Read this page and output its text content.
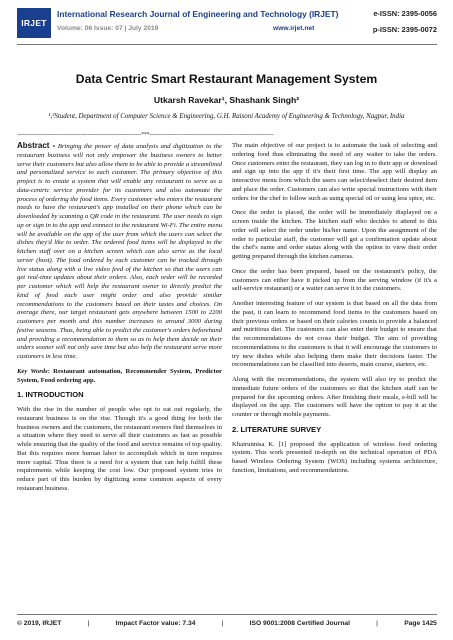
IRJET
International Research Journal of Engineering and Technology (IRJET)
Volume: 06 Issue: 07 | July 2019	www.irjet.net
e-ISSN: 2395-0056
p-ISSN: 2395-0072
Data Centric Smart Restaurant Management System
Utkarsh Ravekar¹, Shashank Singh²
¹,²Student, Department of Computer Science & Engineering, G.H. Raisoni Academy of Engineering & Technology, Nagpur, India
---------------------------------------------------------------------***---------------------------------------------------------------------

Abstract - Bringing the power of data analysis and digitization to the restaurant business will not only empower the business owners to better serve their customers but also allow them to be able to provide a streamlined and personalized service to each customer. The primary objective of this project is to create a system that will enable any restaurant to serve as a data-centric service provider for its customers and also automate the process of ordering the food items. Every customer who enters the restaurant needs to have the restaurant's app installed on their phone which can be downloaded by scanning a QR code in the restaurant. The user needs to sign up or sign in to the app and connect to the restaurant Wi-Fi. The entire menu will be available on the app of the user from which the users can select the dishes they'd like to order. The ordered food items will be displayed to the kitchen staff over on a kitchen screen which can also serve as the local server (host). The food ordered by each customer can be tracked through live status along with a live video feed of the kitchen so that the users can get real-time updates about their orders. Also, each order will be recorded per customer which will help the restaurant owner to directly predict the kind of food each user might order and also provide similar recommendations to the customers based on their tastes and choices. On average there, our target restaurant gets anywhere between 1500 to 2200 customers per month and this number increases to around 3000 during festive seasons. Thus, being able to predict the customer's orders beforehand and providing a recommendation to them so as to help them decide on their orders sooner will not only save time but also help the restaurant serve more customers in less time.

Key Words: Restaurant automation, Recommender System, Predictor System, Food ordering app.

1. INTRODUCTION

With the rise in the number of people who opt to eat out regularly, the restaurant business is on the rise. Though it's a good thing for both the business owners and the customers, the restaurant owners find themselves in a situation where they need to serve all their customers as fast as possible while ensuring that the quality of the food and service remains of top quality. But this requires more human labor to accomplish which in turn requires more capital. Thus there is a need for a system that can help fulfill these requirements while keeping the cost low. Our proposed system tries to reduce part of this burden by digitizing some common aspects of every restaurant business.

The main objective of our project is to automate the task of selecting and ordering food thus eliminating the need of any waiter to take the orders. Once customers enter the restaurant, they can log in to their app or download and sign up into the app if it's their first time. The app will display an interactive menu from which the users can select/deselect their desired item and place the order. Customers can also write special instructions with their orders for the chef to follow such as using special oil or using less spice, etc.

Once the order is placed, the order will be immediately displayed on a screen inside the kitchen. The kitchen staff who decides to attend to this order will select the order under his/her name. Upon the assignment of the order to particular staff, the customer will get a confirmation update about the chef's name and order status along with the option to view their order getting prepared through the kitchen cameras.

Once the order has been prepared, based on the restaurant's policy, the customers can either have it picked up from the serving window (if it's a self-service restaurant) or a waiter can serve it to the customers.

Another interesting feature of our system is that based on all the data from the past, it can learn to recommend food items to the customers based on their previous orders or based on their calories counts to provide a balanced and nutritious diet. The customers can also enter their budget to ensure that the recommendations do not cross their budget. The aim of providing recommendations to the customers is that it will encourage the customers to try new dishes while also helping them make their decisions faster. The recommendations can be classified into deserts, main course, starters, etc.

Along with the recommendations, the system will also try to predict the immediate future orders of the customers so that the kitchen staff can be prepared for the upcoming orders. After finishing their meals, e-bill will be displayed on the app. The customers will have the option to pay it at the counter or through mobile payments.

2. LITERATURE SURVEY

Khairunnisa K. [1] proposed the application of wireless food ordering system. This work presented in-depth on the technical operation of PDA based Wireless Ordering System (WOS) including systems architecture, function, limitations, and recommendations.

© 2019, IRJET	|	Impact Factor value: 7.34	|	ISO 9001:2008 Certified Journal	|	Page 1425
